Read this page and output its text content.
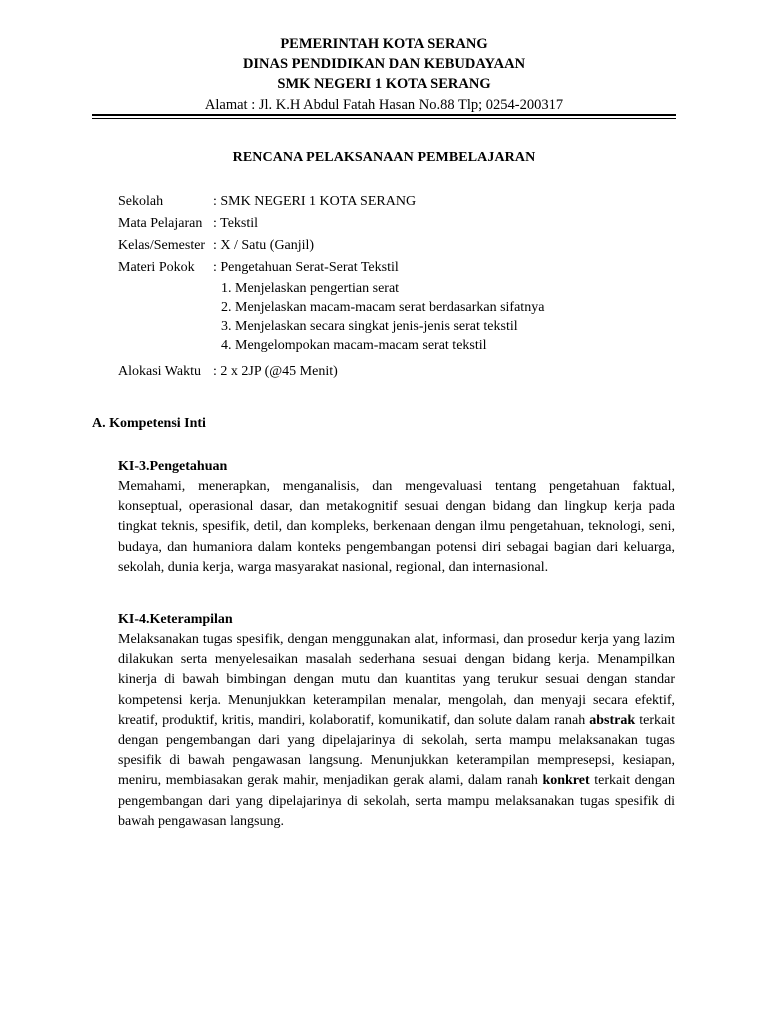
PEMERINTAH KOTA SERANG
DINAS PENDIDIKAN DAN KEBUDAYAAN
SMK NEGERI 1 KOTA SERANG
Alamat : Jl. K.H Abdul Fatah Hasan No.88 Tlp; 0254-200317
RENCANA PELAKSANAAN PEMBELAJARAN
Sekolah	: SMK NEGERI 1 KOTA SERANG
Mata Pelajaran : Tekstil
Kelas/Semester : X / Satu (Ganjil)
Materi Pokok	: Pengetahuan Serat-Serat Tekstil
1. Menjelaskan pengertian serat
2. Menjelaskan macam-macam serat berdasarkan sifatnya
3. Menjelaskan secara singkat jenis-jenis serat tekstil
4. Mengelompokan macam-macam serat tekstil
Alokasi Waktu : 2 x 2JP (@45 Menit)
A. Kompetensi Inti
KI-3.Pengetahuan
Memahami, menerapkan, menganalisis, dan mengevaluasi tentang pengetahuan faktual, konseptual, operasional dasar, dan metakognitif sesuai dengan bidang dan lingkup kerja pada tingkat teknis, spesifik, detil, dan kompleks, berkenaan dengan ilmu pengetahuan, teknologi, seni, budaya, dan humaniora dalam konteks pengembangan potensi diri sebagai bagian dari keluarga, sekolah, dunia kerja, warga masyarakat nasional, regional, dan internasional.
KI-4.Keterampilan
Melaksanakan tugas spesifik, dengan menggunakan alat, informasi, dan prosedur kerja yang lazim dilakukan serta menyelesaikan masalah sederhana sesuai dengan bidang kerja. Menampilkan kinerja di bawah bimbingan dengan mutu dan kuantitas yang terukur sesuai dengan standar kompetensi kerja. Menunjukkan keterampilan menalar, mengolah, dan menyaji secara efektif, kreatif, produktif, kritis, mandiri, kolaboratif, komunikatif, dan solute dalam ranah abstrak terkait dengan pengembangan dari yang dipelajarinya di sekolah, serta mampu melaksanakan tugas spesifik di bawah pengawasan langsung. Menunjukkan keterampilan mempresepsi, kesiapan, meniru, membiasakan gerak mahir, menjadikan gerak alami, dalam ranah konkret terkait dengan pengembangan dari yang dipelajarinya di sekolah, serta mampu melaksanakan tugas spesifik di bawah pengawasan langsung.
